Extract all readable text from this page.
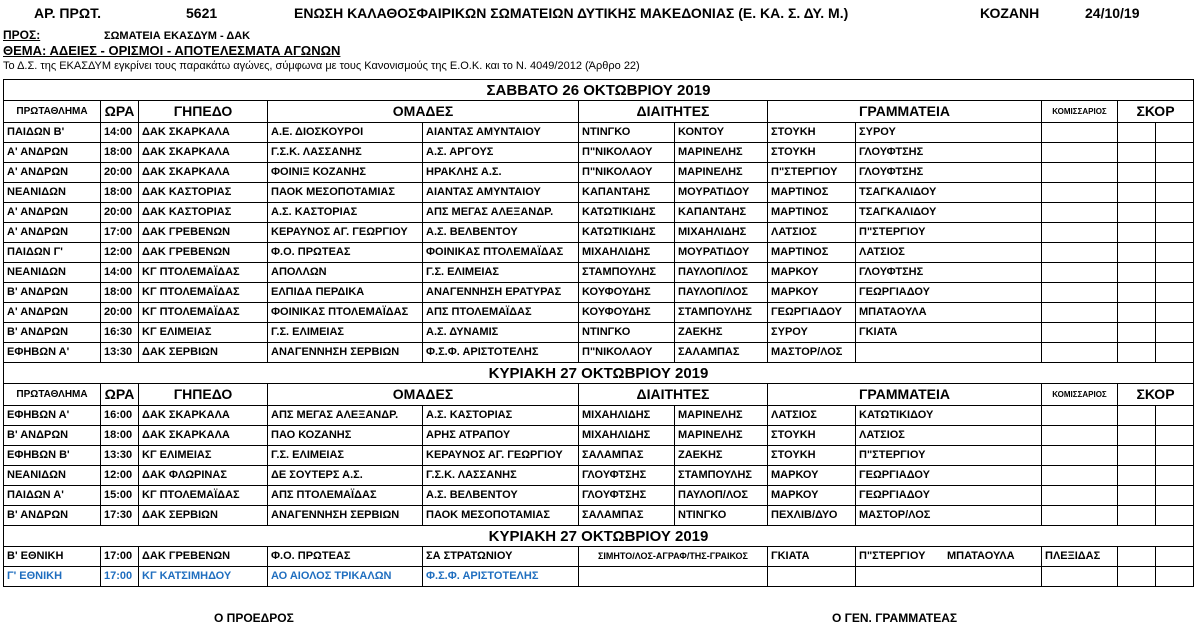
ΑΡ. ΠΡΩΤ.	5621	ΕΝΩΣΗ ΚΑΛΑΘΟΣΦΑΙΡΙΚΩΝ ΣΩΜΑΤΕΙΩΝ ΔΥΤΙΚΗΣ ΜΑΚΕΔΟΝΙΑΣ (Ε. ΚΑ. Σ. ΔΥ. Μ.)	ΚΟΖΑΝΗ	24/10/19
ΠΡΟΣ:	ΣΩΜΑΤΕΙΑ ΕΚΑΣΔΥΜ - ΔΑΚ
ΘΕΜΑ: ΑΔΕΙΕΣ - ΟΡΙΣΜΟΙ - ΑΠΟΤΕΛΕΣΜΑΤΑ ΑΓΩΝΩΝ
Το Δ.Σ. της ΕΚΑΣΔΥΜ εγκρίνει τους παρακάτω αγώνες, σύμφωνα με τους Κανονισμούς της Ε.Ο.Κ. και το Ν. 4049/2012 (Άρθρο 22)
ΣΑΒΒΑΤΟ 26 ΟΚΤΩΒΡΙΟΥ 2019											
ΠΡΩΤΑΘΛΗΜΑ	ΩΡΑ	ΓΗΠΕΔΟ	ΟΜΑΔΕΣ		ΔΙΑΙΤΗΤΕΣ		ΓΡΑΜΜΑΤΕΙΑ		ΚΟΜΙΣΣΑΡΙΟΣ	ΣΚΟΡ	
ΠΑΙΔΩΝ Β'	14:00	ΔΑΚ ΣΚΑΡΚΑΛΑ	Α.Ε. ΔΙΟΣΚΟΥΡΟΙ	ΑΙΑΝΤΑΣ ΑΜΥΝΤΑΙΟΥ	ΝΤΙΝΓΚΟ	ΚΟΝΤΟΥ	ΣΤΟΥΚΗ	ΣΥΡΟΥ			
Α' ΑΝΔΡΩΝ	18:00	ΔΑΚ ΣΚΑΡΚΑΛΑ	Γ.Σ.Κ. ΛΑΣΣΑΝΗΣ	Α.Σ. ΑΡΓΟΥΣ	Π"ΝΙΚΟΛΑΟΥ	ΜΑΡΙΝΕΛΗΣ	ΣΤΟΥΚΗ	ΓΛΟΥΦΤΣΗΣ			
Α' ΑΝΔΡΩΝ	20:00	ΔΑΚ ΣΚΑΡΚΑΛΑ	ΦΟΙΝΙΞ ΚΟΖΑΝΗΣ	ΗΡΑΚΛΗΣ Α.Σ.	Π"ΝΙΚΟΛΑΟΥ	ΜΑΡΙΝΕΛΗΣ	Π"ΣΤΕΡΓΙΟΥ	ΓΛΟΥΦΤΣΗΣ			
ΝΕΑΝΙΔΩΝ	18:00	ΔΑΚ ΚΑΣΤΟΡΙΑΣ	ΠΑΟΚ ΜΕΣΟΠΟΤΑΜΙΑΣ	ΑΙΑΝΤΑΣ ΑΜΥΝΤΑΙΟΥ	ΚΑΠΑΝΤΑΗΣ	ΜΟΥΡΑΤΙΔΟΥ	ΜΑΡΤΙΝΟΣ	ΤΣΑΓΚΑΛΙΔΟΥ			
Α' ΑΝΔΡΩΝ	20:00	ΔΑΚ ΚΑΣΤΟΡΙΑΣ	Α.Σ. ΚΑΣΤΟΡΙΑΣ	ΑΠΣ ΜΕΓΑΣ ΑΛΕΞΑΝΔΡ.	ΚΑΤΩΤΙΚΙΔΗΣ	ΚΑΠΑΝΤΑΗΣ	ΜΑΡΤΙΝΟΣ	ΤΣΑΓΚΑΛΙΔΟΥ			
Α' ΑΝΔΡΩΝ	17:00	ΔΑΚ ΓΡΕΒΕΝΩΝ	ΚΕΡΑΥΝΟΣ ΑΓ. ΓΕΩΡΓΙΟΥ	Α.Σ. ΒΕΛΒΕΝΤΟΥ	ΚΑΤΩΤΙΚΙΔΗΣ	ΜΙΧΑΗΛΙΔΗΣ	ΛΑΤΣΙΟΣ	Π"ΣΤΕΡΓΙΟΥ			
ΠΑΙΔΩΝ Γ'	12:00	ΔΑΚ ΓΡΕΒΕΝΩΝ	Φ.Ο. ΠΡΩΤΕΑΣ	ΦΟΙΝΙΚΑΣ ΠΤΟΛΕΜΑΪΔΑΣ	ΜΙΧΑΗΛΙΔΗΣ	ΜΟΥΡΑΤΙΔΟΥ	ΜΑΡΤΙΝΟΣ	ΛΑΤΣΙΟΣ			
ΝΕΑΝΙΔΩΝ	14:00	ΚΓ ΠΤΟΛΕΜΑΪΔΑΣ	ΑΠΟΛΛΩΝ	Γ.Σ. ΕΛΙΜΕΙΑΣ	ΣΤΑΜΠΟΥΛΗΣ	ΠΑΥΛΟΠ/ΛΟΣ	ΜΑΡΚΟΥ	ΓΛΟΥΦΤΣΗΣ			
Β' ΑΝΔΡΩΝ	18:00	ΚΓ ΠΤΟΛΕΜΑΪΔΑΣ	ΕΛΠΙΔΑ ΠΕΡΔΙΚΑ	ΑΝΑΓΕΝΝΗΣΗ ΕΡΑΤΥΡΑΣ	ΚΟΥΦΟΥΔΗΣ	ΠΑΥΛΟΠ/ΛΟΣ	ΜΑΡΚΟΥ	ΓΕΩΡΓΙΑΔΟΥ			
Α' ΑΝΔΡΩΝ	20:00	ΚΓ ΠΤΟΛΕΜΑΪΔΑΣ	ΦΟΙΝΙΚΑΣ ΠΤΟΛΕΜΑΪΔΑΣ	ΑΠΣ ΠΤΟΛΕΜΑΪΔΑΣ	ΚΟΥΦΟΥΔΗΣ	ΣΤΑΜΠΟΥΛΗΣ	ΓΕΩΡΓΙΑΔΟΥ	ΜΠΑΤΑΟΥΛΑ			
Β' ΑΝΔΡΩΝ	16:30	ΚΓ ΕΛΙΜΕΙΑΣ	Γ.Σ. ΕΛΙΜΕΙΑΣ	Α.Σ. ΔΥΝΑΜΙΣ	ΝΤΙΝΓΚΟ	ΖΑΕΚΗΣ	ΣΥΡΟΥ	ΓΚΙΑΤΑ			
ΕΦΗΒΩΝ Α'	13:30	ΔΑΚ ΣΕΡΒΙΩΝ	ΑΝΑΓΕΝΝΗΣΗ ΣΕΡΒΙΩΝ	Φ.Σ.Φ. ΑΡΙΣΤΟΤΕΛΗΣ	Π"ΝΙΚΟΛΑΟΥ	ΣΑΛΑΜΠΑΣ	ΜΑΣΤΟΡ/ΛΟΣ				
ΚΥΡΙΑΚΗ 27 ΟΚΤΩΒΡΙΟΥ 2019											
ΠΡΩΤΑΘΛΗΜΑ	ΩΡΑ	ΓΗΠΕΔΟ	ΟΜΑΔΕΣ		ΔΙΑΙΤΗΤΕΣ		ΓΡΑΜΜΑΤΕΙΑ		ΚΟΜΙΣΣΑΡΙΟΣ	ΣΚΟΡ	
ΕΦΗΒΩΝ Α'	16:00	ΔΑΚ ΣΚΑΡΚΑΛΑ	ΑΠΣ ΜΕΓΑΣ ΑΛΕΞΑΝΔΡ.	Α.Σ. ΚΑΣΤΟΡΙΑΣ	ΜΙΧΑΗΛΙΔΗΣ	ΜΑΡΙΝΕΛΗΣ	ΛΑΤΣΙΟΣ	ΚΑΤΩΤΙΚΙΔΟΥ			
Β' ΑΝΔΡΩΝ	18:00	ΔΑΚ ΣΚΑΡΚΑΛΑ	ΠΑΟ ΚΟΖΑΝΗΣ	ΑΡΗΣ ΑΤΡΑΠΟΥ	ΜΙΧΑΗΛΙΔΗΣ	ΜΑΡΙΝΕΛΗΣ	ΣΤΟΥΚΗ	ΛΑΤΣΙΟΣ			
ΕΦΗΒΩΝ Β'	13:30	ΚΓ ΕΛΙΜΕΙΑΣ	Γ.Σ. ΕΛΙΜΕΙΑΣ	ΚΕΡΑΥΝΟΣ ΑΓ. ΓΕΩΡΓΙΟΥ	ΣΑΛΑΜΠΑΣ	ΖΑΕΚΗΣ	ΣΤΟΥΚΗ	Π"ΣΤΕΡΓΙΟΥ			
ΝΕΑΝΙΔΩΝ	12:00	ΔΑΚ ΦΛΩΡΙΝΑΣ	ΔΕ ΣΟΥΤΕΡΣ Α.Σ.	Γ.Σ.Κ. ΛΑΣΣΑΝΗΣ	ΓΛΟΥΦΤΣΗΣ	ΣΤΑΜΠΟΥΛΗΣ	ΜΑΡΚΟΥ	ΓΕΩΡΓΙΑΔΟΥ			
ΠΑΙΔΩΝ Α'	15:00	ΚΓ ΠΤΟΛΕΜΑΪΔΑΣ	ΑΠΣ ΠΤΟΛΕΜΑΪΔΑΣ	Α.Σ. ΒΕΛΒΕΝΤΟΥ	ΓΛΟΥΦΤΣΗΣ	ΠΑΥΛΟΠ/ΛΟΣ	ΜΑΡΚΟΥ	ΓΕΩΡΓΙΑΔΟΥ			
Β' ΑΝΔΡΩΝ	17:30	ΔΑΚ ΣΕΡΒΙΩΝ	ΑΝΑΓΕΝΝΗΣΗ ΣΕΡΒΙΩΝ	ΠΑΟΚ ΜΕΣΟΠΟΤΑΜΙΑΣ	ΣΑΛΑΜΠΑΣ	ΝΤΙΝΓΚΟ	ΠΕΧΛΙΒ/ΔΥΟ	ΜΑΣΤΟΡ/ΛΟΣ			
ΚΥΡΙΑΚΗ 27 ΟΚΤΩΒΡΙΟΥ 2019											
Β' ΕΘΝΙΚΗ	17:00	ΔΑΚ ΓΡΕΒΕΝΩΝ	Φ.Ο. ΠΡΩΤΕΑΣ	ΣΑ ΣΤΡΑΤΩΝΙΟΥ	ΣΙΜΗΤΟ/ΛΟΣ-ΑΓΡΑΦ/ΤΗΣ-ΓΡΑΙΚΟΣ		ΓΚΙΑΤΑ	Π"ΣΤΕΡΓΙΟΥ ΜΠΑΤΑΟΥΛΑ	ΠΛΕΞΙΔΑΣ		
Γ' ΕΘΝΙΚΗ	17:00	ΚΓ ΚΑΤΣΙΜΗΔΟΥ	ΑΟ ΑΙΟΛΟΣ ΤΡΙΚΑΛΩΝ	Φ.Σ.Φ. ΑΡΙΣΤΟΤΕΛΗΣ							
Ο ΠΡΟΕΔΡΟΣ	Ο ΓΕΝ. ΓΡΑΜΜΑΤΕΑΣ
